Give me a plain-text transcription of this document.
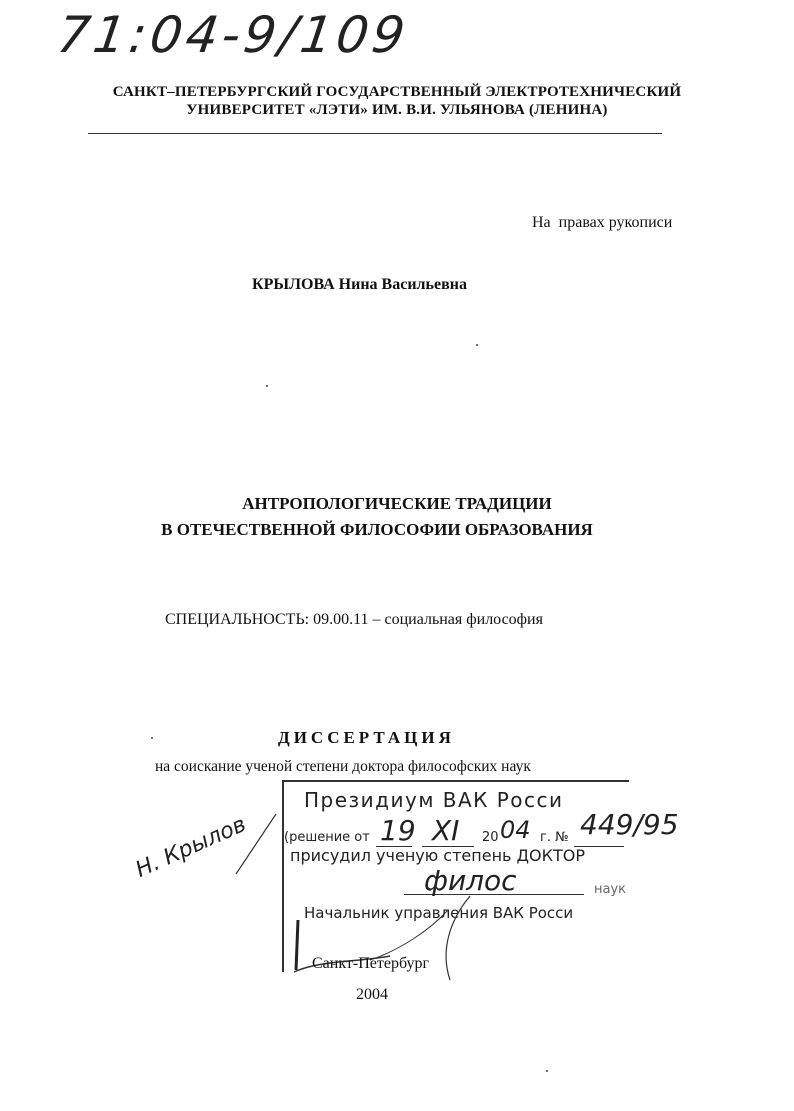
71:04-9/109
САНКТ–ПЕТЕРБУРГСКИЙ ГОСУДАРСТВЕННЫЙ ЭЛЕКТРОТЕХНИЧЕСКИЙ
УНИВЕРСИТЕТ «ЛЭТИ» ИМ. В.И. УЛЬЯНОВА (ЛЕНИНА)
На  правах рукописи
КРЫЛОВА Нина Васильевна
АНТРОПОЛОГИЧЕСКИЕ ТРАДИЦИИ
В ОТЕЧЕСТВЕННОЙ ФИЛОСОФИИ ОБРАЗОВАНИЯ
СПЕЦИАЛЬНОСТЬ: 09.00.11 – социальная философия
ДИССЕРТАЦИЯ
на соискание ученой степени доктора философских наук
Президиум ВАК Росси
(решение от 19 XI 20 04 г. № 449/95
присудил ученую степень ДОКТОР
филос	наук
Начальник управления ВАК Росси
Н. Крылов
Санкт-Петербург
2004
